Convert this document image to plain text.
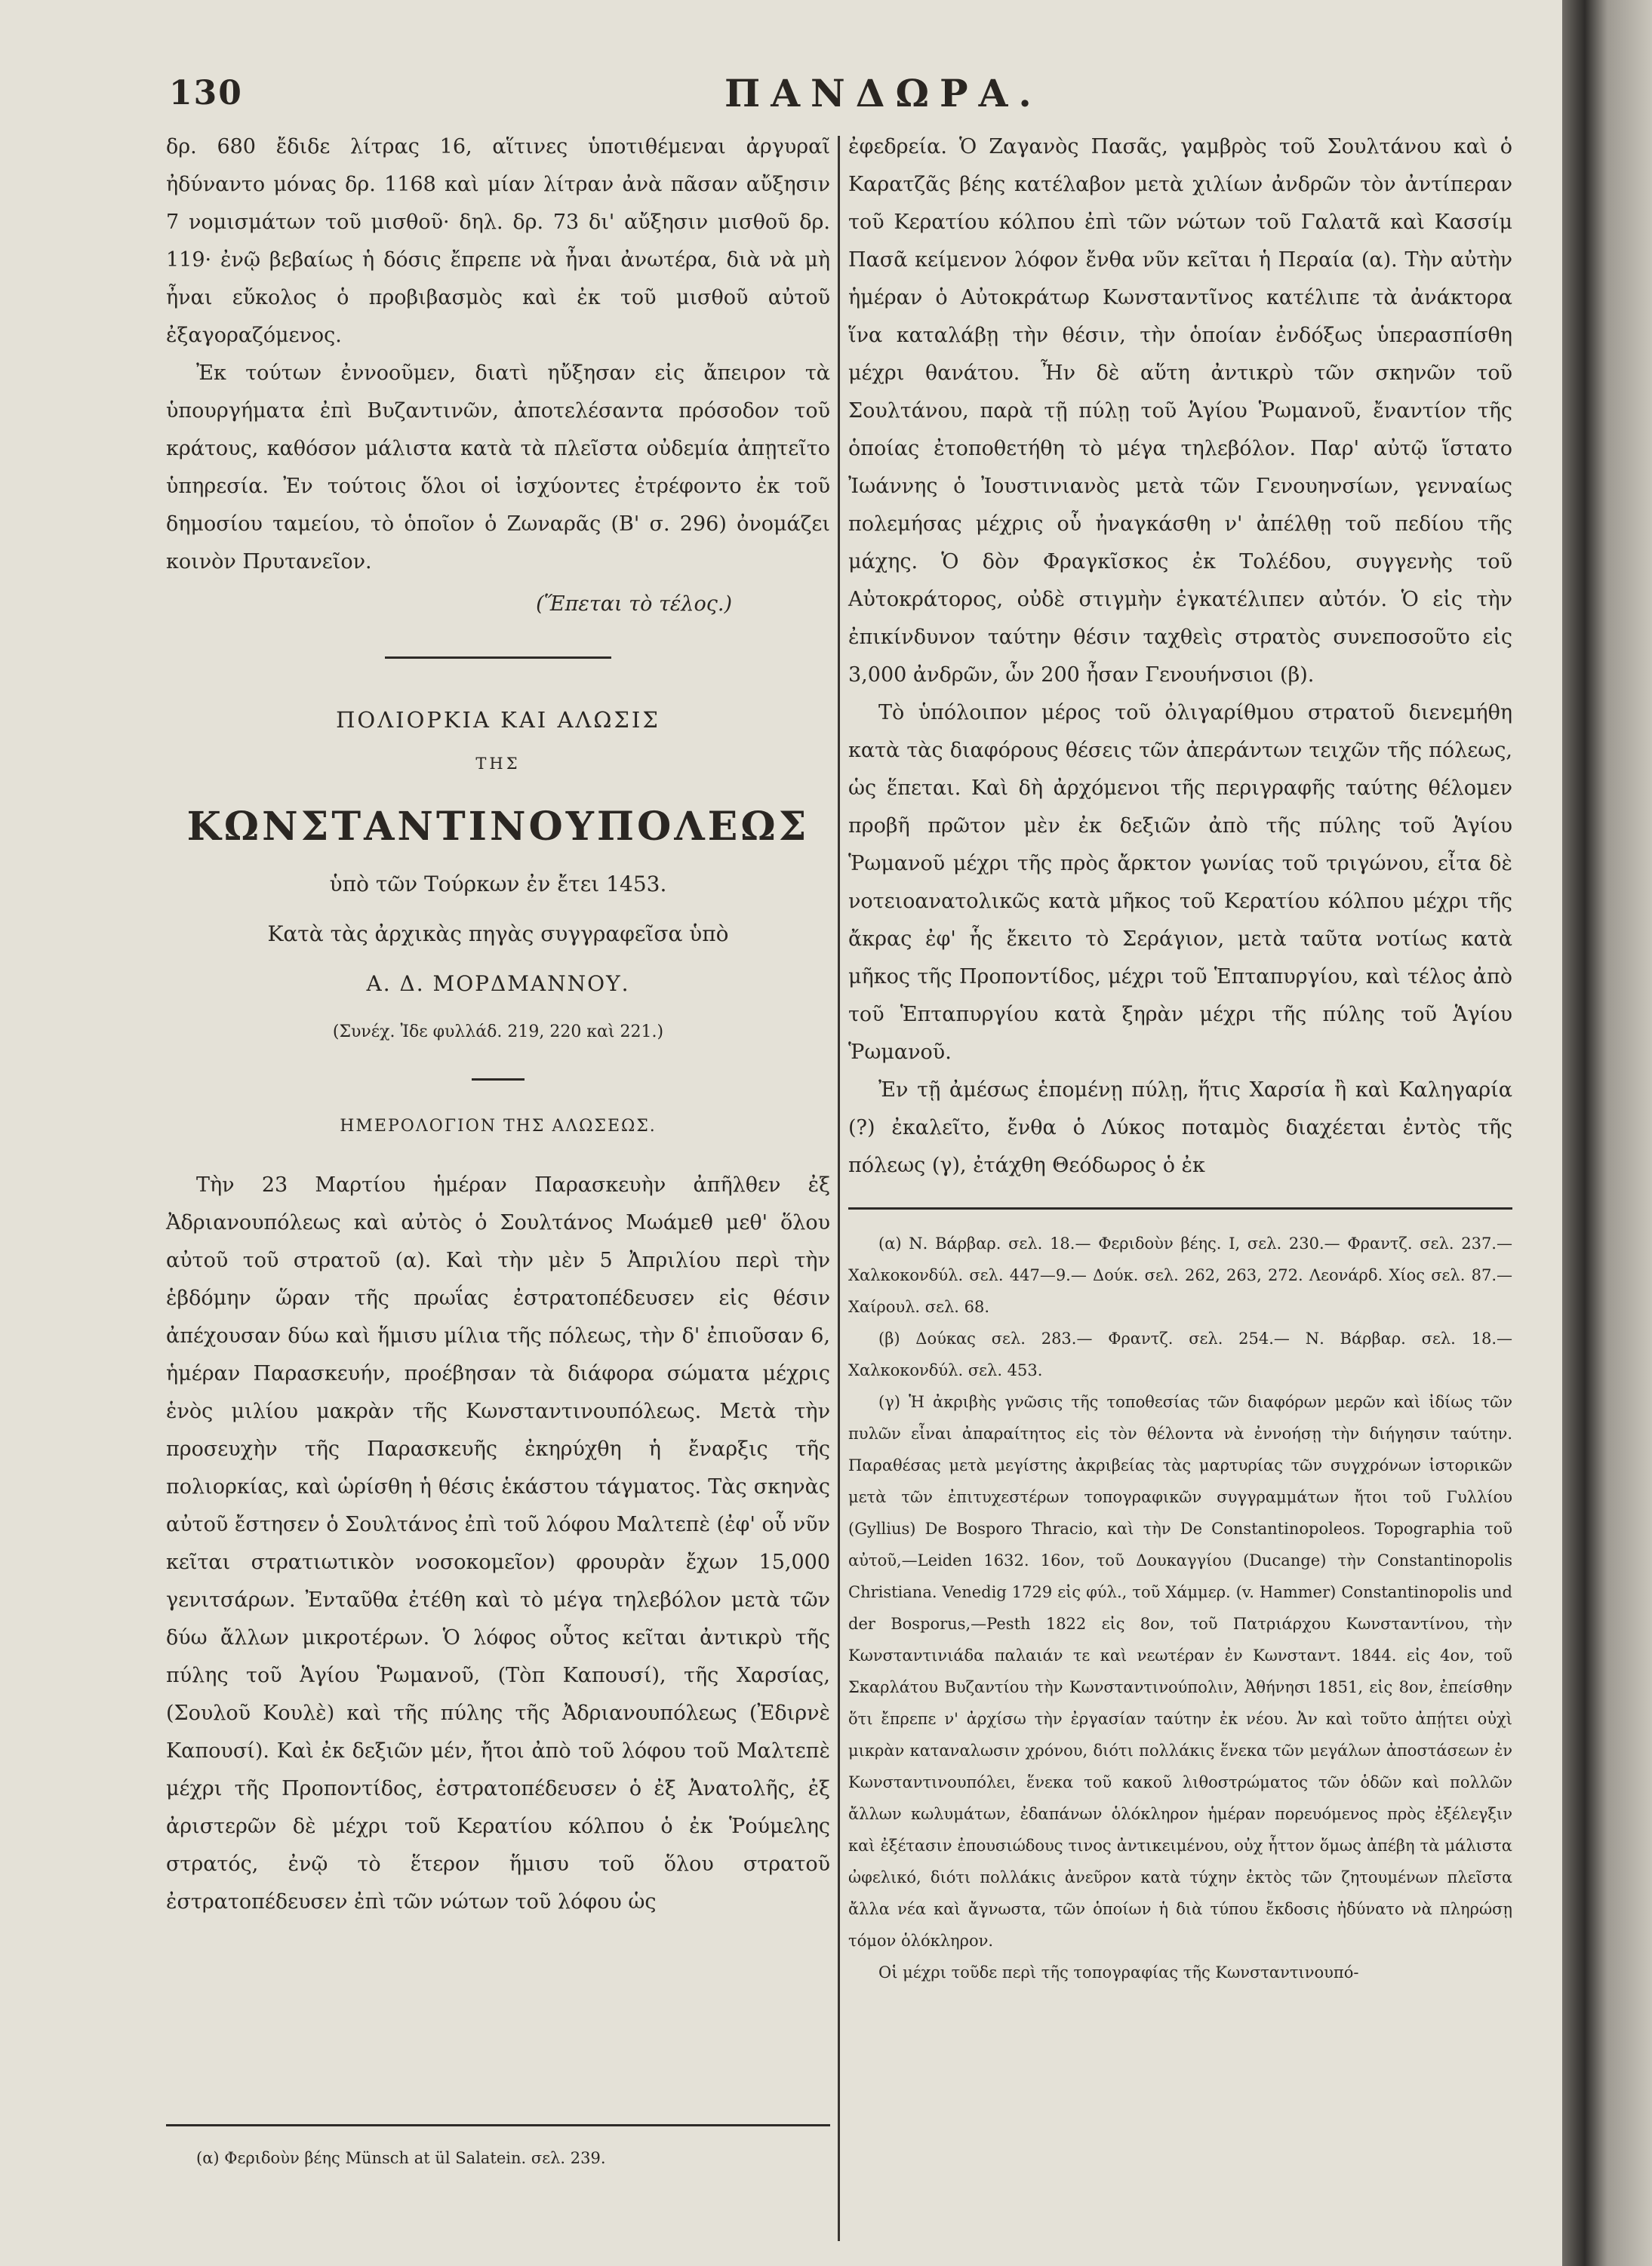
130	ΠΑΝΔΩΡΑ.

δρ. 680 ἔδιδε λίτρας 16, αἵτινες ὑποτιθέμεναι ἀργυραῖ ἠδύναντο μόνας δρ. 1168 καὶ μίαν λίτραν ἀνὰ πᾶσαν αὔξησιν 7 νομισμάτων τοῦ μισθοῦ· δηλ. δρ. 73 δι' αὔξησιν μισθοῦ δρ. 119· ἐνῷ βεβαίως ἡ δόσις ἔπρεπε νὰ ἦναι ἀνωτέρα, διὰ νὰ μὴ ἦναι εὔκολος ὁ προβιβασμὸς καὶ ἐκ τοῦ μισθοῦ αὐτοῦ ἐξαγοραζόμενος.

Ἐκ τούτων ἐννοοῦμεν, διατὶ ηὔξησαν εἰς ἄπειρον τὰ ὑπουργήματα ἐπὶ Βυζαντινῶν, ἀποτελέσαντα πρόσοδον τοῦ κράτους, καθόσον μάλιστα κατὰ τὰ πλεῖστα οὐδεμία ἀπῃτεῖτο ὑπηρεσία. Ἐν τούτοις ὅλοι οἱ ἰσχύοντες ἐτρέφοντο ἐκ τοῦ δημοσίου ταμείου, τὸ ὁποῖον ὁ Ζωναρᾶς (Β' σ. 296) ὀνομάζει κοινὸν Πρυτανεῖον.

(Ἕπεται τὸ τέλος.)

ΠΟΛΙΟΡΚΙΑ ΚΑΙ ΑΛΩΣΙΣ

ΤΗΣ

ΚΩΝΣΤΑΝΤΙΝΟΥΠΟΛΕΩΣ

ὑπὸ τῶν Τούρκων ἐν ἔτει 1453.

Κατὰ τὰς ἀρχικὰς πηγὰς συγγραφεῖσα ὑπὸ

Α. Δ. ΜΟΡΔΜΑΝΝΟΥ.

(Συνέχ. Ἰδε φυλλάδ. 219, 220 καὶ 221.)

ΗΜΕΡΟΛΟΓΙΟΝ ΤΗΣ ΑΛΩΣΕΩΣ.

Τὴν 23 Μαρτίου ἡμέραν Παρασκευὴν ἀπῆλθεν ἐξ Ἀδριανουπόλεως καὶ αὐτὸς ὁ Σουλτάνος Μωάμεθ μεθ' ὅλου αὐτοῦ τοῦ στρατοῦ (α). Καὶ τὴν μὲν 5 Ἀπριλίου περὶ τὴν ἑβδόμην ὥραν τῆς πρωΐας ἐστρατοπέδευσεν εἰς θέσιν ἀπέχουσαν δύω καὶ ἥμισυ μίλια τῆς πόλεως, τὴν δ' ἐπιοῦσαν 6, ἡμέραν Παρασκευήν, προέβησαν τὰ διάφορα σώματα μέχρις ἑνὸς μιλίου μακρὰν τῆς Κωνσταντινουπόλεως. Μετὰ τὴν προσευχὴν τῆς Παρασκευῆς ἐκηρύχθη ἡ ἔναρξις τῆς πολιορκίας, καὶ ὡρίσθη ἡ θέσις ἑκάστου τάγματος. Τὰς σκηνὰς αὐτοῦ ἔστησεν ὁ Σουλτάνος ἐπὶ τοῦ λόφου Μαλτεπὲ (ἐφ' οὗ νῦν κεῖται στρατιωτικὸν νοσοκομεῖον) φρουρὰν ἔχων 15,000 γενιτσάρων. Ἐνταῦθα ἐτέθη καὶ τὸ μέγα τηλεβόλον μετὰ τῶν δύω ἄλλων μικροτέρων. Ὁ λόφος οὗτος κεῖται ἀντικρὺ τῆς πύλης τοῦ Ἁγίου Ῥωμανοῦ, (Τὸπ Καπουσί), τῆς Χαρσίας, (Σουλοῦ Κουλὲ) καὶ τῆς πύλης τῆς Ἀδριανουπόλεως (Ἐδιρνὲ Καπουσί). Καὶ ἐκ δεξιῶν μέν, ἤτοι ἀπὸ τοῦ λόφου τοῦ Μαλτεπὲ μέχρι τῆς Προποντίδος, ἐστρατοπέδευσεν ὁ ἐξ Ἀνατολῆς, ἐξ ἀριστερῶν δὲ μέχρι τοῦ Κερατίου κόλπου ὁ ἐκ Ῥούμελης στρατός, ἐνῷ τὸ ἕτερον ἥμισυ τοῦ ὅλου στρατοῦ ἐστρατοπέδευσεν ἐπὶ τῶν νώτων τοῦ λόφου ὡς

(α) Φεριδοὺν βέης Münsch at ül Salatein. σελ. 239.

ἐφεδρεία. Ὁ Ζαγανὸς Πασᾶς, γαμβρὸς τοῦ Σουλτάνου καὶ ὁ Καρατζᾶς βέης κατέλαβον μετὰ χιλίων ἀνδρῶν τὸν ἀντίπεραν τοῦ Κερατίου κόλπου ἐπὶ τῶν νώτων τοῦ Γαλατᾶ καὶ Κασσίμ Πασᾶ κείμενον λόφον ἔνθα νῦν κεῖται ἡ Περαία (α). Τὴν αὐτὴν ἡμέραν ὁ Αὐτοκράτωρ Κωνσταντῖνος κατέλιπε τὰ ἀνάκτορα ἵνα καταλάβῃ τὴν θέσιν, τὴν ὁποίαν ἐνδόξως ὑπερασπίσθη μέχρι θανάτου. Ἦν δὲ αὕτη ἀντικρὺ τῶν σκηνῶν τοῦ Σουλτάνου, παρὰ τῇ πύλῃ τοῦ Ἁγίου Ῥωμανοῦ, ἔναντίον τῆς ὁποίας ἐτοποθετήθη τὸ μέγα τηλεβόλον. Παρ' αὐτῷ ἵστατο Ἰωάννης ὁ Ἰουστινιανὸς μετὰ τῶν Γενουηνσίων, γενναίως πολεμήσας μέχρις οὗ ἠναγκάσθη ν' ἀπέλθῃ τοῦ πεδίου τῆς μάχης. Ὁ δὸν Φραγκῖσκος ἐκ Τολέδου, συγγενὴς τοῦ Αὐτοκράτορος, οὐδὲ στιγμὴν ἐγκατέλιπεν αὐτόν. Ὁ εἰς τὴν ἐπικίνδυνον ταύτην θέσιν ταχθεὶς στρατὸς συνεποσοῦτο εἰς 3,000 ἀνδρῶν, ὧν 200 ἦσαν Γενουήνσιοι (β).

Τὸ ὑπόλοιπον μέρος τοῦ ὀλιγαρίθμου στρατοῦ διενεμήθη κατὰ τὰς διαφόρους θέσεις τῶν ἀπεράντων τειχῶν τῆς πόλεως, ὡς ἕπεται. Καὶ δὴ ἀρχόμενοι τῆς περιγραφῆς ταύτης θέλομεν προβῆ πρῶτον μὲν ἐκ δεξιῶν ἀπὸ τῆς πύλης τοῦ Ἁγίου Ῥωμανοῦ μέχρι τῆς πρὸς ἄρκτον γωνίας τοῦ τριγώνου, εἶτα δὲ νοτειοανατολικῶς κατὰ μῆκος τοῦ Κερατίου κόλπου μέχρι τῆς ἄκρας ἐφ' ἧς ἔκειτο τὸ Σεράγιον, μετὰ ταῦτα νοτίως κατὰ μῆκος τῆς Προποντίδος, μέχρι τοῦ Ἑπταπυργίου, καὶ τέλος ἀπὸ τοῦ Ἑπταπυργίου κατὰ ξηρὰν μέχρι τῆς πύλης τοῦ Ἁγίου Ῥωμανοῦ.

Ἐν τῇ ἀμέσως ἑπομένῃ πύλῃ, ἥτις Χαρσία ἢ καὶ Καληγαρία (?) ἐκαλεῖτο, ἔνθα ὁ Λύκος ποταμὸς διαχέεται ἐντὸς τῆς πόλεως (γ), ἐτάχθη Θεόδωρος ὁ ἐκ

(α) Ν. Βάρβαρ. σελ. 18.— Φεριδοὺν βέης. I, σελ. 230.— Φραντζ. σελ. 237.—Χαλκοκονδύλ. σελ. 447—9.— Δούκ. σελ. 262, 263, 272. Λεονάρδ. Χίος σελ. 87.—Χαίρουλ. σελ. 68.

(β) Δούκας σελ. 283.— Φραντζ. σελ. 254.— Ν. Βάρβαρ. σελ. 18.— Χαλκοκονδύλ. σελ. 453.

(γ) Ἡ ἀκριβὴς γνῶσις τῆς τοποθεσίας τῶν διαφόρων μερῶν καὶ ἰδίως τῶν πυλῶν εἶναι ἀπαραίτητος εἰς τὸν θέλοντα νὰ ἐννοήσῃ τὴν διήγησιν ταύτην. Παραθέσας μετὰ μεγίστης ἀκριβείας τὰς μαρτυρίας τῶν συγχρόνων ἱστορικῶν μετὰ τῶν ἐπιτυχεστέρων τοπογραφικῶν συγγραμμάτων ἤτοι τοῦ Γυλλίου (Gyllius) De Bosporo Thracio, καὶ τὴν De Constantinopoleos. Topographia τοῦ αὐτοῦ,—Leiden 1632. 16ον, τοῦ Δουκαγγίου (Ducange) τὴν Constantinopolis Christiana. Venedig 1729 εἰς φύλ., τοῦ Χάμμερ. (v. Hammer) Constantinopolis und der Bosporus,—Pesth 1822 εἰς 8ον, τοῦ Πατριάρχου Κωνσταντίνου, τὴν Κωνσταντινιάδα παλαιάν τε καὶ νεωτέραν ἐν Κωνσταντ. 1844. εἰς 4ον, τοῦ Σκαρλάτου Βυζαντίου τὴν Κωνσταντινούπολιν, Ἀθήνησι 1851, εἰς 8ον, ἐπείσθην ὅτι ἔπρεπε ν' ἀρχίσω τὴν ἐργασίαν ταύτην ἐκ νέου. Ἀν καὶ τοῦτο ἀπῄτει οὐχὶ μικρὰν καταναλωσιν χρόνου, διότι πολλάκις ἕνεκα τῶν μεγάλων ἀποστάσεων ἐν Κωνσταντινουπόλει, ἕνεκα τοῦ κακοῦ λιθοστρώματος τῶν ὁδῶν καὶ πολλῶν ἄλλων κωλυμάτων, ἐδαπάνων ὁλόκληρον ἡμέραν πορευόμενος πρὸς ἐξέλεγξιν καὶ ἐξέτασιν ἐπουσιώδους τινος ἀντικειμένου, οὐχ ἧττον ὅμως ἀπέβη τὰ μάλιστα ὠφελικό, διότι πολλάκις ἀνεῦρον κατὰ τύχην ἐκτὸς τῶν ζητουμένων πλεῖστα ἄλλα νέα καὶ ἄγνωστα, τῶν ὁποίων ἡ διὰ τύπου ἔκδοσις ἠδύνατο νὰ πληρώσῃ τόμον ὁλόκληρον.

Οἱ μέχρι τοῦδε περὶ τῆς τοπογραφίας τῆς Κωνσταντινουπό-
